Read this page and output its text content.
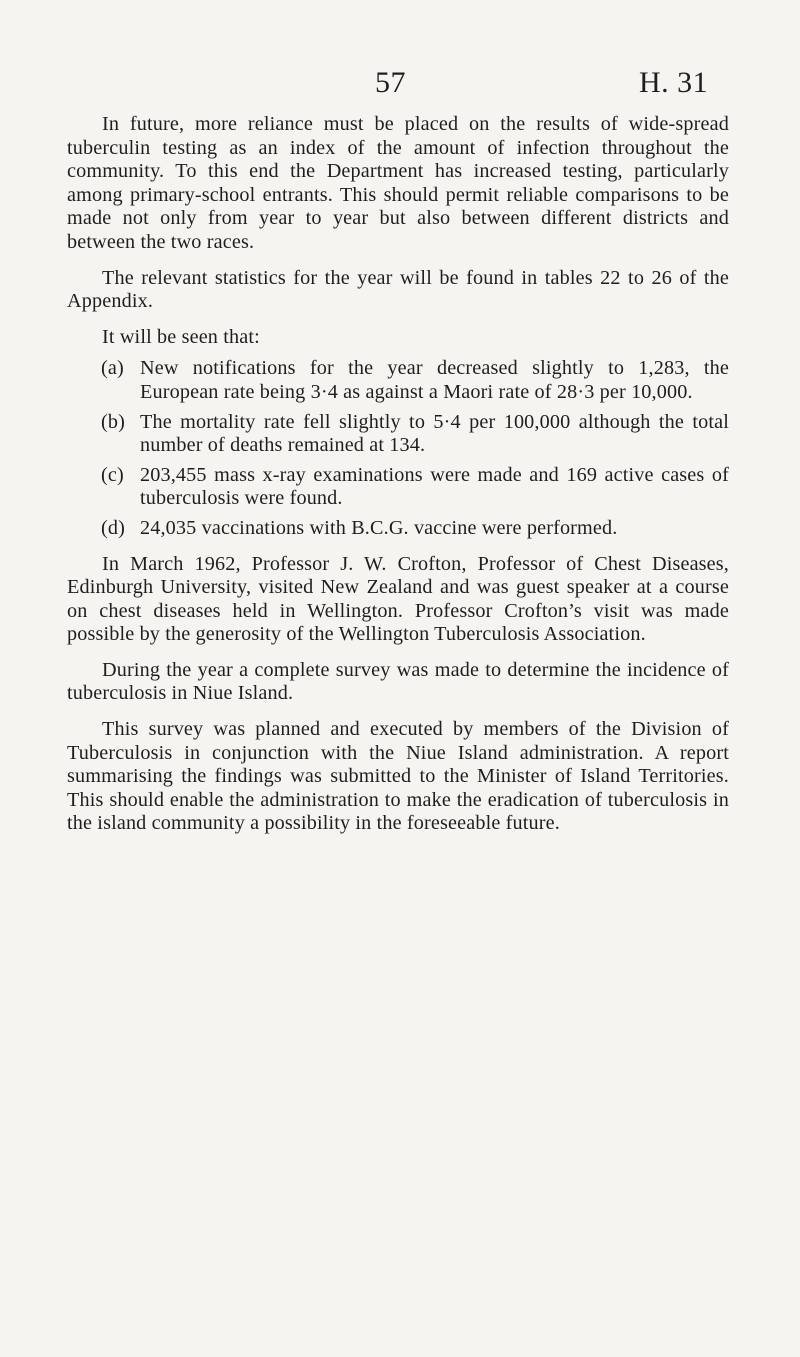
57	H. 31

In future, more reliance must be placed on the results of wide-spread tuberculin testing as an index of the amount of infection throughout the community. To this end the Department has increased testing, particularly among primary-school entrants. This should permit reliable comparisons to be made not only from year to year but also between different districts and between the two races.

The relevant statistics for the year will be found in tables 22 to 26 of the Appendix.

It will be seen that:

(a) New notifications for the year decreased slightly to 1,283, the European rate being 3·4 as against a Maori rate of 28·3 per 10,000.
(b) The mortality rate fell slightly to 5·4 per 100,000 although the total number of deaths remained at 134.
(c) 203,455 mass x-ray examinations were made and 169 active cases of tuberculosis were found.
(d) 24,035 vaccinations with B.C.G. vaccine were performed.

In March 1962, Professor J. W. Crofton, Professor of Chest Diseases, Edinburgh University, visited New Zealand and was guest speaker at a course on chest diseases held in Wellington. Professor Crofton’s visit was made possible by the generosity of the Wellington Tuberculosis Association.

During the year a complete survey was made to determine the incidence of tuberculosis in Niue Island.

This survey was planned and executed by members of the Division of Tuberculosis in conjunction with the Niue Island administration. A report summarising the findings was submitted to the Minister of Island Territories. This should enable the administration to make the eradication of tuberculosis in the island community a possibility in the foreseeable future.
